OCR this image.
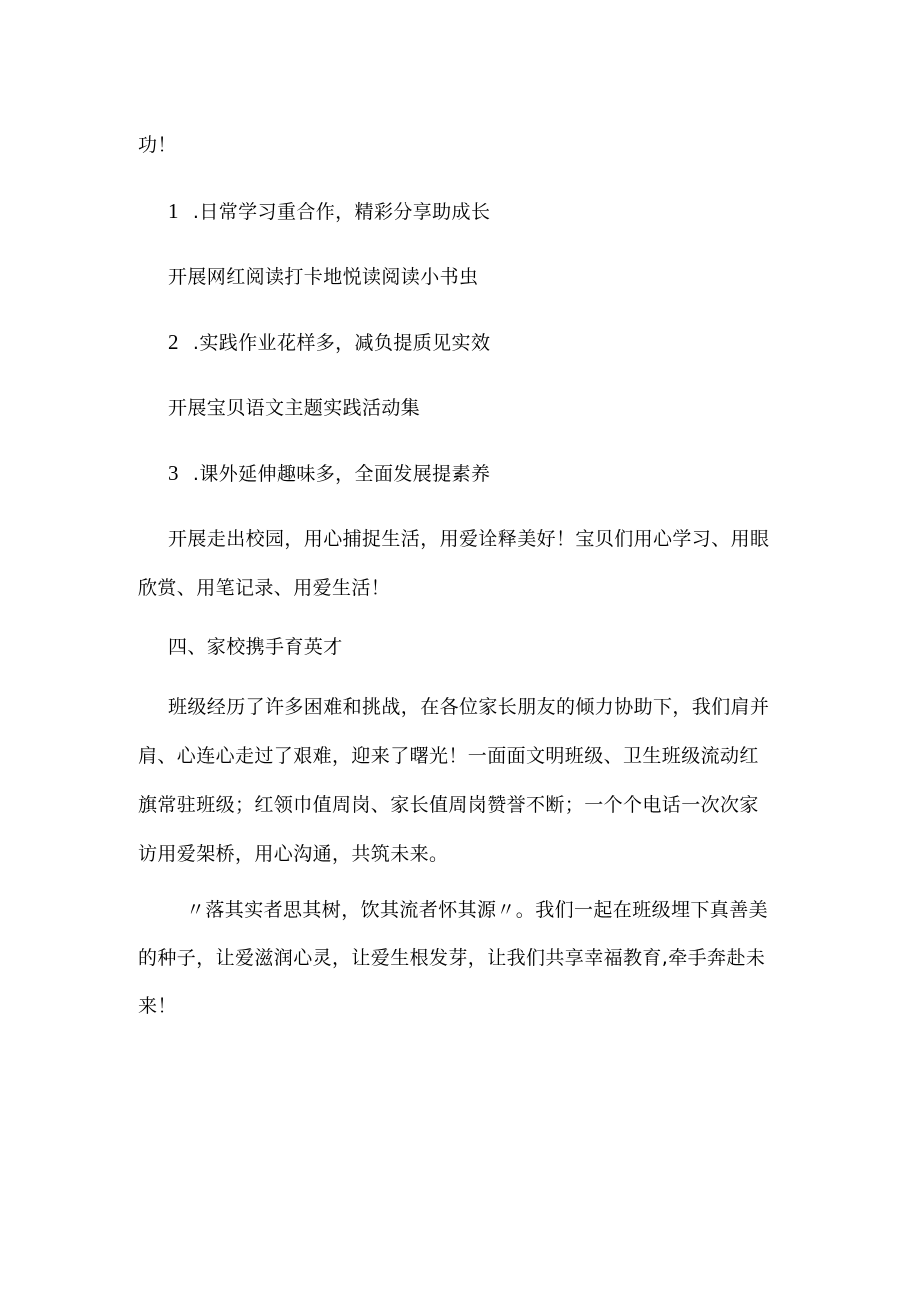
功！
1 .日常学习重合作，精彩分享助成长
开展网红阅读打卡地悦读阅读小书虫
2 .实践作业花样多，减负提质见实效
开展宝贝语文主题实践活动集
3 .课外延伸趣味多，全面发展提素养
开展走出校园，用心捕捉生活，用爱诠释美好！宝贝们用心学习、用眼
欣赏、用笔记录、用爱生活！
四、家校携手育英才
班级经历了许多困难和挑战，在各位家长朋友的倾力协助下，我们肩并
肩、心连心走过了艰难，迎来了曙光！一面面文明班级、卫生班级流动红
旗常驻班级；红领巾值周岗、家长值周岗赞誉不断；一个个电话一次次家
访用爱架桥，用心沟通，共筑未来。
〃落其实者思其树，饮其流者怀其源〃。我们一起在班级埋下真善美
的种子，让爱滋润心灵，让爱生根发芽，让我们共享幸福教育,牵手奔赴未
来！
